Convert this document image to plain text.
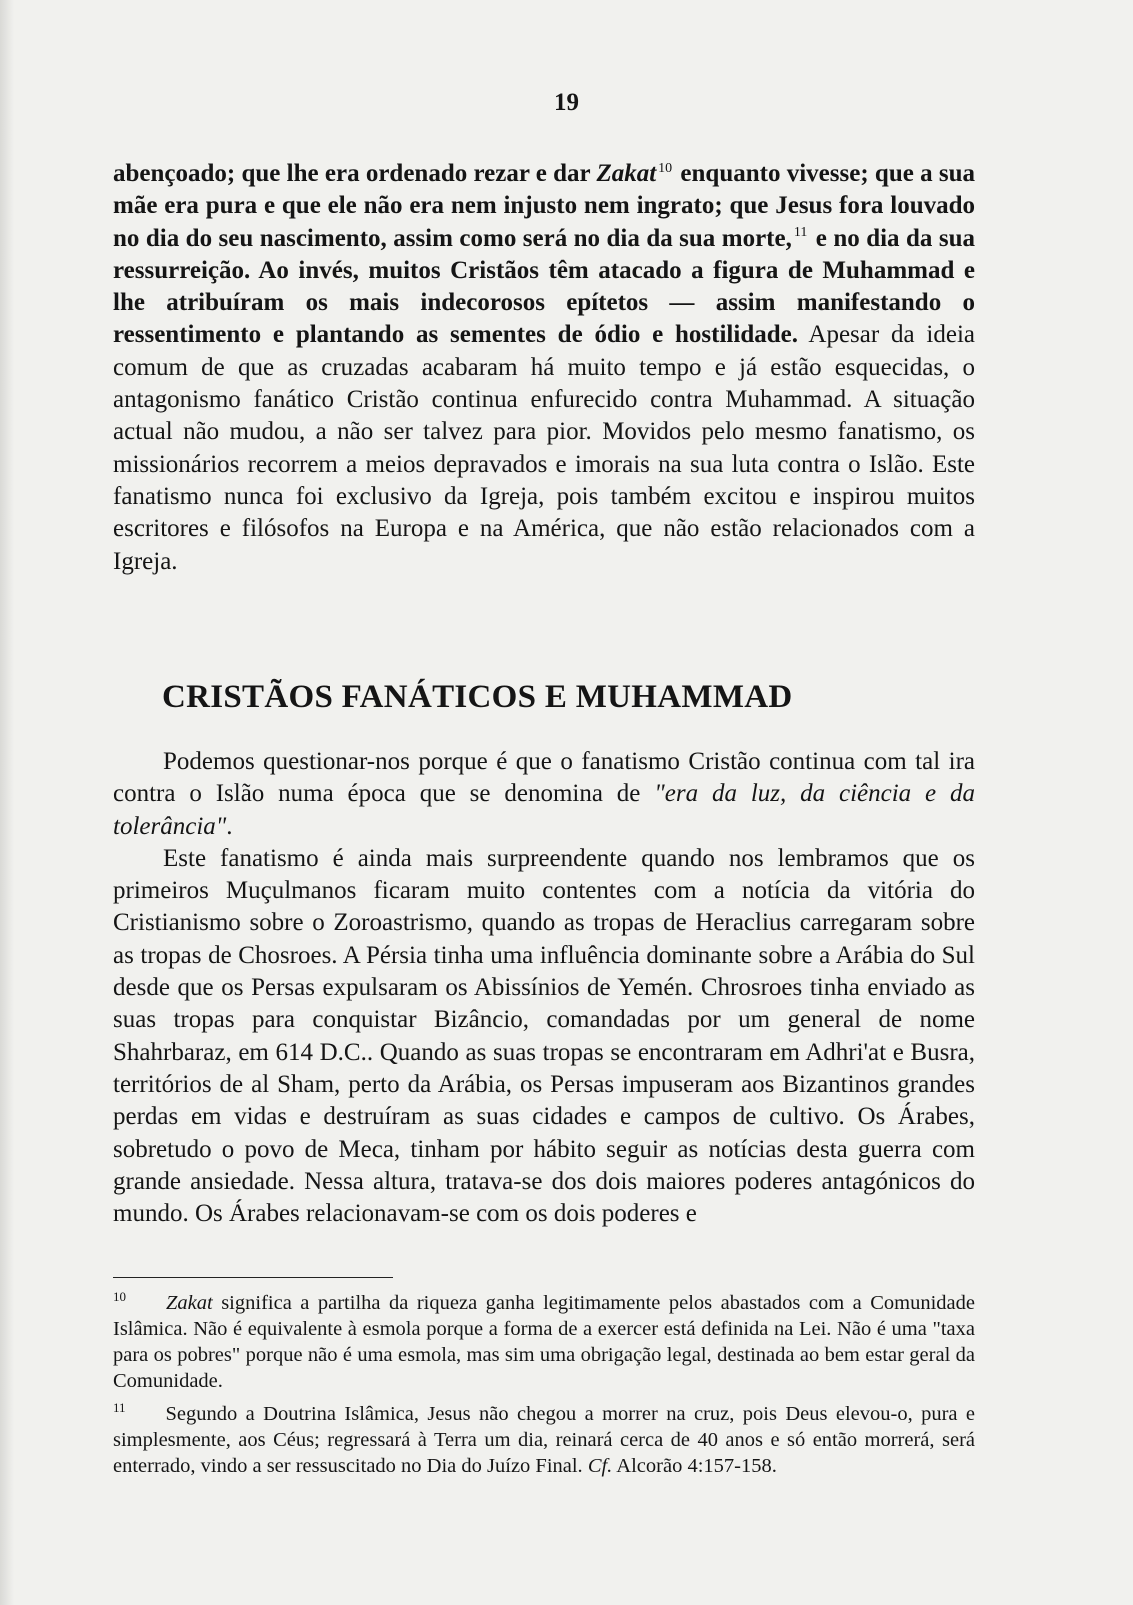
19
abençoado; que lhe era ordenado rezar e dar Zakat $^{10}$ enquanto vivesse; que a sua mãe era pura e que ele não era nem injusto nem ingrato; que Jesus fora louvado no dia do seu nascimento, assim como será no dia da sua morte, $^{11}$ e no dia da sua ressurreição. Ao invés, muitos Cristãos têm atacado a figura de Muhammad e lhe atribuíram os mais indecorosos epítetos — assim manifestando o ressentimento e plantando as sementes de ódio e hostilidade. Apesar da ideia comum de que as cruzadas acabaram há muito tempo e já estão esquecidas, o antagonismo fanático Cristão continua enfurecido contra Muhammad. A situação actual não mudou, a não ser talvez para pior. Movidos pelo mesmo fanatismo, os missionários recorrem a meios depravados e imorais na sua luta contra o Islão. Este fanatismo nunca foi exclusivo da Igreja, pois também excitou e inspirou muitos escritores e filósofos na Europa e na América, que não estão relacionados com a Igreja.
CRISTÃOS FANÁTICOS E MUHAMMAD

Podemos questionar-nos porque é que o fanatismo Cristão continua com tal ira contra o Islão numa época que se denomina de "era da luz, da ciência e da tolerância".

Este fanatismo é ainda mais surpreendente quando nos lembramos que os primeiros Muçulmanos ficaram muito contentes com a notícia da vitória do Cristianismo sobre o Zoroastrismo, quando as tropas de Heraclius carregaram sobre as tropas de Chosroes. A Pérsia tinha uma influência dominante sobre a Arábia do Sul desde que os Persas expulsaram os Abissínios de Yemén. Chrosroes tinha enviado as suas tropas para conquistar Bizâncio, comandadas por um general de nome Shahrbaraz, em 614 D.C.. Quando as suas tropas se encontraram em Adhri'at e Busra, territórios de al Sham, perto da Arábia, os Persas impuseram aos Bizantinos grandes perdas em vidas e destruíram as suas cidades e campos de cultivo. Os Árabes, sobretudo o povo de Meca, tinham por hábito seguir as notícias desta guerra com grande ansiedade. Nessa altura, tratava-se dos dois maiores poderes antagónicos do mundo. Os Árabes relacionavam-se com os dois poderes e

$^{10}$ Zakat significa a partilha da riqueza ganha legitimamente pelos abastados com a Comunidade Islâmica. Não é equivalente à esmola porque a forma de a exercer está definida na Lei. Não é uma "taxa para os pobres" porque não é uma esmola, mas sim uma obrigação legal, destinada ao bem estar geral da Comunidade.

$^{11}$ Segundo a Doutrina Islâmica, Jesus não chegou a morrer na cruz, pois Deus elevou-o, pura e simplesmente, aos Céus; regressará à Terra um dia, reinará cerca de 40 anos e só então morrerá, será enterrado, vindo a ser ressuscitado no Dia do Juízo Final. Cf. Alcorão 4:157-158.
